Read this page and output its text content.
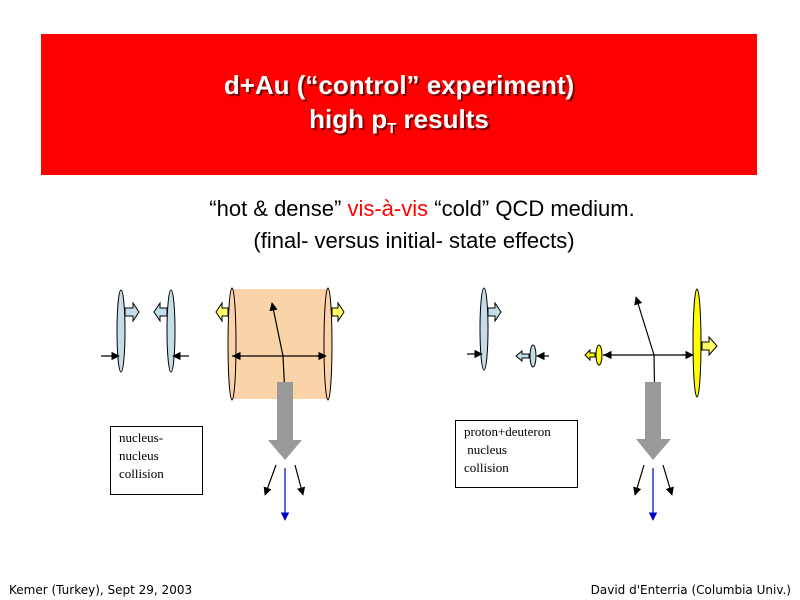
d+Au (“control” experiment)
high $p_T$ results
“hot & dense” vis-à-vis “cold” QCD medium.
(final- versus initial- state effects)
nucleus-
nucleus
collision
proton+deuteron
nucleus
collision
Kemer (Turkey), Sept 29, 2003	David d'Enterria (Columbia Univ.)
